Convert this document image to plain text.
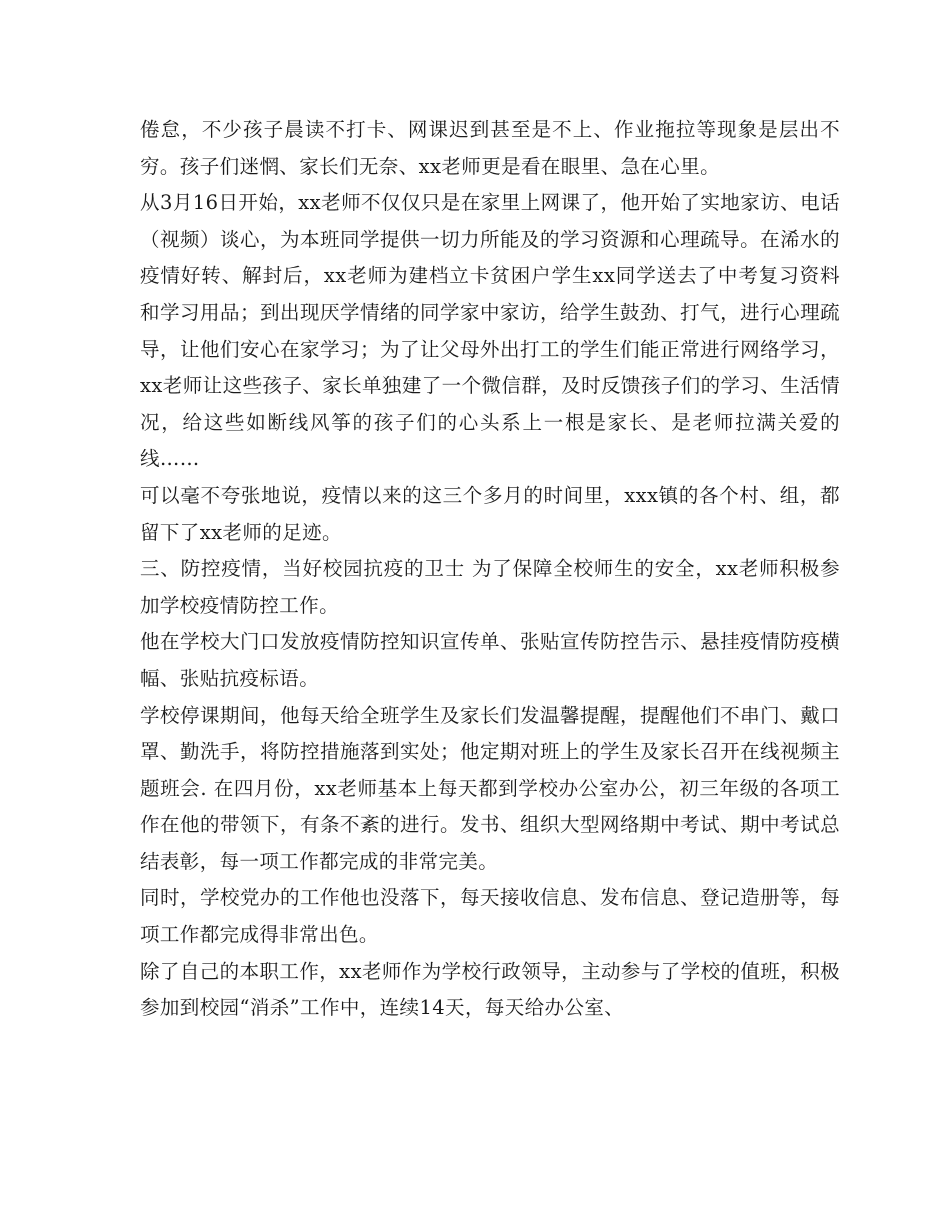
倦怠，不少孩子晨读不打卡、网课迟到甚至是不上、作业拖拉等现象是层出不穷。孩子们迷惘、家长们无奈、xx老师更是看在眼里、急在心里。

从3月16日开始，xx老师不仅仅只是在家里上网课了，他开始了实地家访、电话（视频）谈心，为本班同学提供一切力所能及的学习资源和心理疏导。在浠水的疫情好转、解封后，xx老师为建档立卡贫困户学生xx同学送去了中考复习资料和学习用品；到出现厌学情绪的同学家中家访，给学生鼓劲、打气，进行心理疏导，让他们安心在家学习；为了让父母外出打工的学生们能正常进行网络学习，xx老师让这些孩子、家长单独建了一个微信群，及时反馈孩子们的学习、生活情况，给这些如断线风筝的孩子们的心头系上一根是家长、是老师拉满关爱的线……

可以毫不夸张地说，疫情以来的这三个多月的时间里，xxx镇的各个村、组，都留下了xx老师的足迹。

三、防控疫情，当好校园抗疫的卫士 为了保障全校师生的安全，xx老师积极参加学校疫情防控工作。

他在学校大门口发放疫情防控知识宣传单、张贴宣传防控告示、悬挂疫情防疫横幅、张贴抗疫标语。

学校停课期间，他每天给全班学生及家长们发温馨提醒，提醒他们不串门、戴口罩、勤洗手，将防控措施落到实处；他定期对班上的学生及家长召开在线视频主题班会. 在四月份，xx老师基本上每天都到学校办公室办公，初三年级的各项工作在他的带领下，有条不紊的进行。发书、组织大型网络期中考试、期中考试总结表彰，每一项工作都完成的非常完美。

同时，学校党办的工作他也没落下，每天接收信息、发布信息、登记造册等，每项工作都完成得非常出色。

除了自己的本职工作，xx老师作为学校行政领导，主动参与了学校的值班，积极参加到校园“消杀”工作中，连续14天，每天给办公室、
